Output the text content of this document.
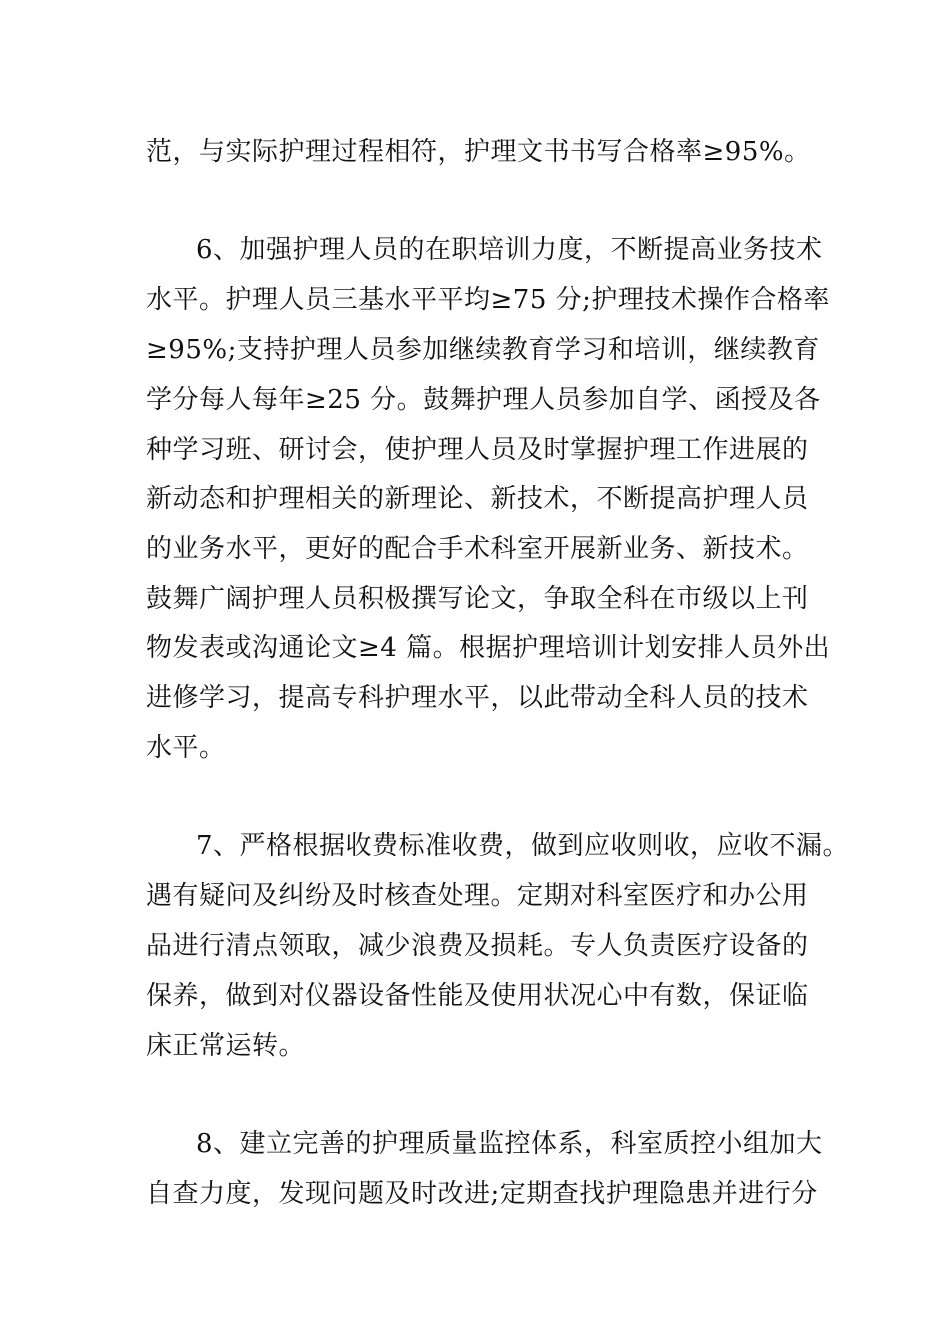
范，与实际护理过程相符，护理文书书写合格率≥95%。
6、加强护理人员的在职培训力度，不断提高业务技术
水平。护理人员三基水平平均≥75 分;护理技术操作合格率
≥95%;支持护理人员参加继续教育学习和培训，继续教育
学分每人每年≥25 分。鼓舞护理人员参加自学、函授及各
种学习班、研讨会，使护理人员及时掌握护理工作进展的
新动态和护理相关的新理论、新技术，不断提高护理人员
的业务水平，更好的配合手术科室开展新业务、新技术。
鼓舞广阔护理人员积极撰写论文，争取全科在市级以上刊
物发表或沟通论文≥4 篇。根据护理培训计划安排人员外出
进修学习，提高专科护理水平，以此带动全科人员的技术
水平。
7、严格根据收费标准收费，做到应收则收，应收不漏。
遇有疑问及纠纷及时核查处理。定期对科室医疗和办公用
品进行清点领取，减少浪费及损耗。专人负责医疗设备的
保养，做到对仪器设备性能及使用状况心中有数，保证临
床正常运转。
8、建立完善的护理质量监控体系，科室质控小组加大
自查力度，发现问题及时改进;定期查找护理隐患并进行分
